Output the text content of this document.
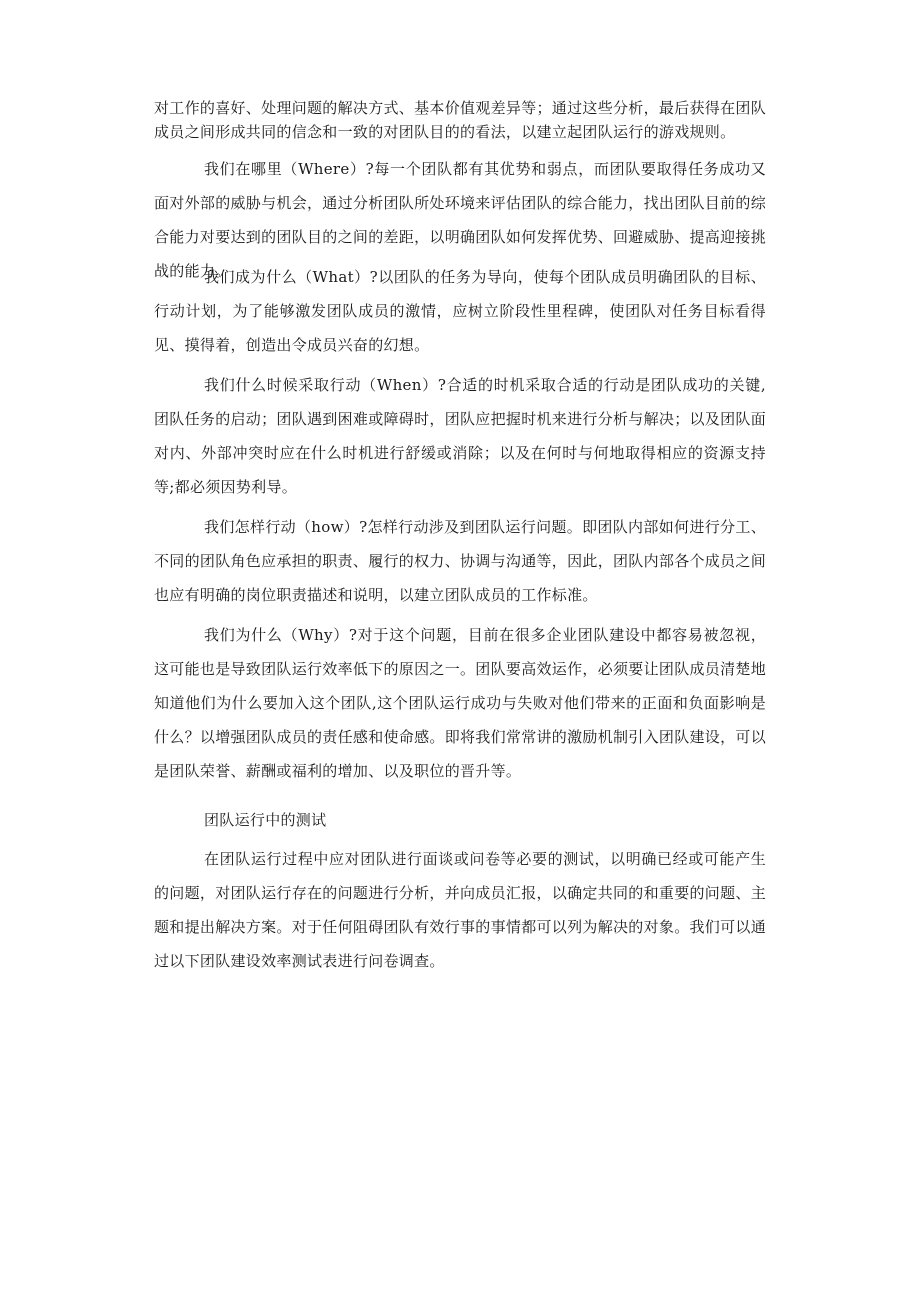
对工作的喜好、处理问题的解决方式、基本价值观差异等；通过这些分析，最后获得在团队成员之间形成共同的信念和一致的对团队目的的看法，以建立起团队运行的游戏规则。

我们在哪里（Where）?每一个团队都有其优势和弱点，而团队要取得任务成功又面对外部的威胁与机会，通过分析团队所处环境来评估团队的综合能力，找出团队目前的综合能力对要达到的团队目的之间的差距，以明确团队如何发挥优势、回避威胁、提高迎接挑战的能力。

我们成为什么（What）?以团队的任务为导向，使每个团队成员明确团队的目标、行动计划，为了能够激发团队成员的激情，应树立阶段性里程碑，使团队对任务目标看得见、摸得着，创造出令成员兴奋的幻想。

我们什么时候采取行动（When）?合适的时机采取合适的行动是团队成功的关键,团队任务的启动；团队遇到困难或障碍时，团队应把握时机来进行分析与解决；以及团队面对内、外部冲突时应在什么时机进行舒缓或消除；以及在何时与何地取得相应的资源支持等;都必须因势利导。

我们怎样行动（how）?怎样行动涉及到团队运行问题。即团队内部如何进行分工、不同的团队角色应承担的职责、履行的权力、协调与沟通等，因此，团队内部各个成员之间也应有明确的岗位职责描述和说明，以建立团队成员的工作标准。

我们为什么（Why）?对于这个问题，目前在很多企业团队建设中都容易被忽视，这可能也是导致团队运行效率低下的原因之一。团队要高效运作，必须要让团队成员清楚地知道他们为什么要加入这个团队,这个团队运行成功与失败对他们带来的正面和负面影响是什么？以增强团队成员的责任感和使命感。即将我们常常讲的激励机制引入团队建设，可以是团队荣誉、薪酬或福利的增加、以及职位的晋升等。

团队运行中的测试

在团队运行过程中应对团队进行面谈或问卷等必要的测试，以明确已经或可能产生的问题，对团队运行存在的问题进行分析，并向成员汇报，以确定共同的和重要的问题、主题和提出解决方案。对于任何阻碍团队有效行事的事情都可以列为解决的对象。我们可以通过以下团队建设效率测试表进行问卷调查。
